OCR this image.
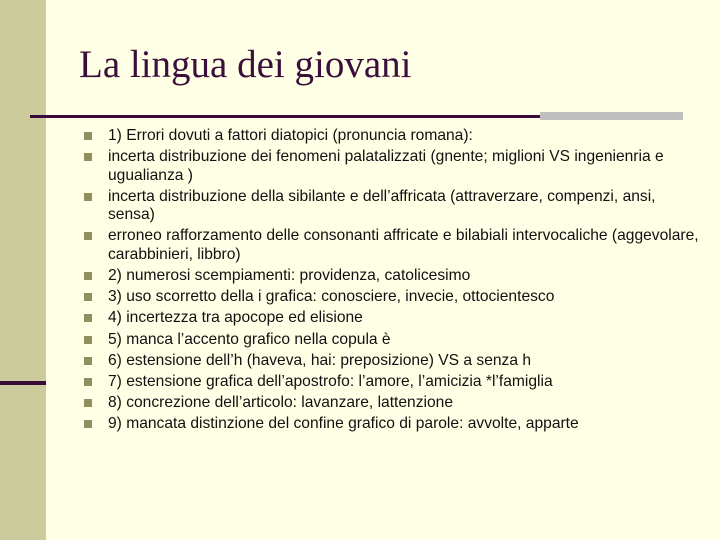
La lingua dei giovani
1) Errori dovuti a fattori diatopici (pronuncia romana):
incerta distribuzione dei fenomeni palatalizzati (gnente; miglioni VS ingenienria e ugualianza )
incerta distribuzione della sibilante e dell’affricata (attraverzare, compenzi, ansi, sensa)
erroneo rafforzamento delle consonanti affricate e bilabiali intervocaliche (aggevolare, carabbinieri, libbro)
2) numerosi scempiamenti: providenza, catolicesimo
3) uso scorretto della i grafica: conosciere, invecie, ottocientesco
4) incertezza tra apocope ed elisione
5) manca l’accento grafico nella copula è
6) estensione dell’h (haveva, hai: preposizione) VS a senza h
7) estensione grafica dell’apostrofo: l’amore, l’amicizia *l’famiglia
8) concrezione dell’articolo: lavanzare, lattenzione
9) mancata distinzione del confine grafico di parole: avvolte, apparte
